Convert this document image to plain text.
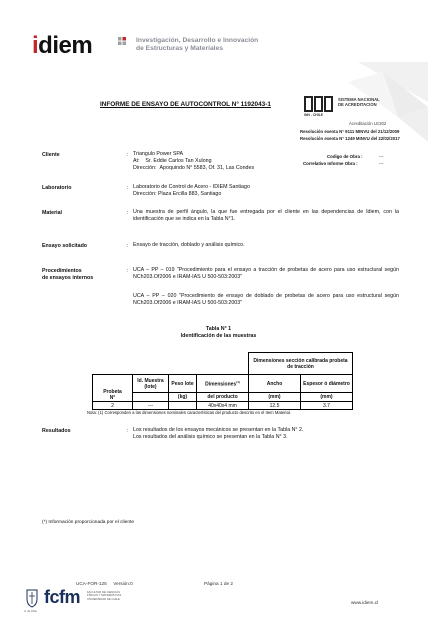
idiem	Investigación, Desarrollo e Innovación
de Estructuras y Materiales
INFORME DE ENSAYO DE AUTOCONTROL N° 1192043-1
SISTEMA NACIONAL
DE ACREDITACION
INN - CHILE
Acreditación LE302
Resolución exenta N° 9111 MINVU del 21/12/2009
Resolución exenta N° 1249 MINVU del 22/02/2017
Cliente	: Triangulo Power SPA
At: Sr. Eddie Carlos Tan Xulong
Dirección: Apoquindo N° 5583, Of. 31, Las Condes
Codigo de Obra :	---
Correlativo Informe Obra :	---
Laboratorio	: Laboratorio de Control de Acero - IDIEM Santiago
Dirección: Plaza Ercilla 883, Santiago
Material	: Una muestra de perfil ángulo, la que fue entregada por el cliente en las dependencias de Idiem, con la identificación que se indica en la Tabla N°1.
Ensayo solicitado	: Ensayo de tracción, doblado y análisis químico.
Procedimientos
de ensayos internos
: UCA – PP – 019 "Procedimiento para el ensayo a tracción de probetas de acero para uso estructural según NCh203.Of2006 e IRAM-IAS U 500-503:2003"
UCA – PP – 020 "Procedimiento de ensayo de doblado de probetas de acero para uso estructural según NCh203.Of2006 e IRAM-IAS U 500-503:2003"
Tabla N° 1
Identificación de las muestras
				Dimensiones sección calibrada probeta de tracción	

Probeta
N°	Id. Muestra (lote)	Peso lote	Dimensiones$^{(1)}$	Ancho	Espesor ó diámetro
		(kg)	del producto	(mm)	(mm)
2	---		40x40x4 mm	12.5	3.7
Nota: (1) Corresponden a las dimensiones nominales características del producto descrito en el Item Material.
Resultados	: Los resultados de los ensayos mecánicos se presentan en la Tabla N° 2.
Los resultados del análisis químico se presentan en la Tabla N° 3.
(*) Información proporcionada por el cliente
UCA-FOR-125 Versión:0	Página 1 de 2
www.idiem.cl
fcfm FACULTAD DE CIENCIAS
FÍSICAS Y MATEMÁTICAS
UNIVERSIDAD DE CHILE
U. de Chile
